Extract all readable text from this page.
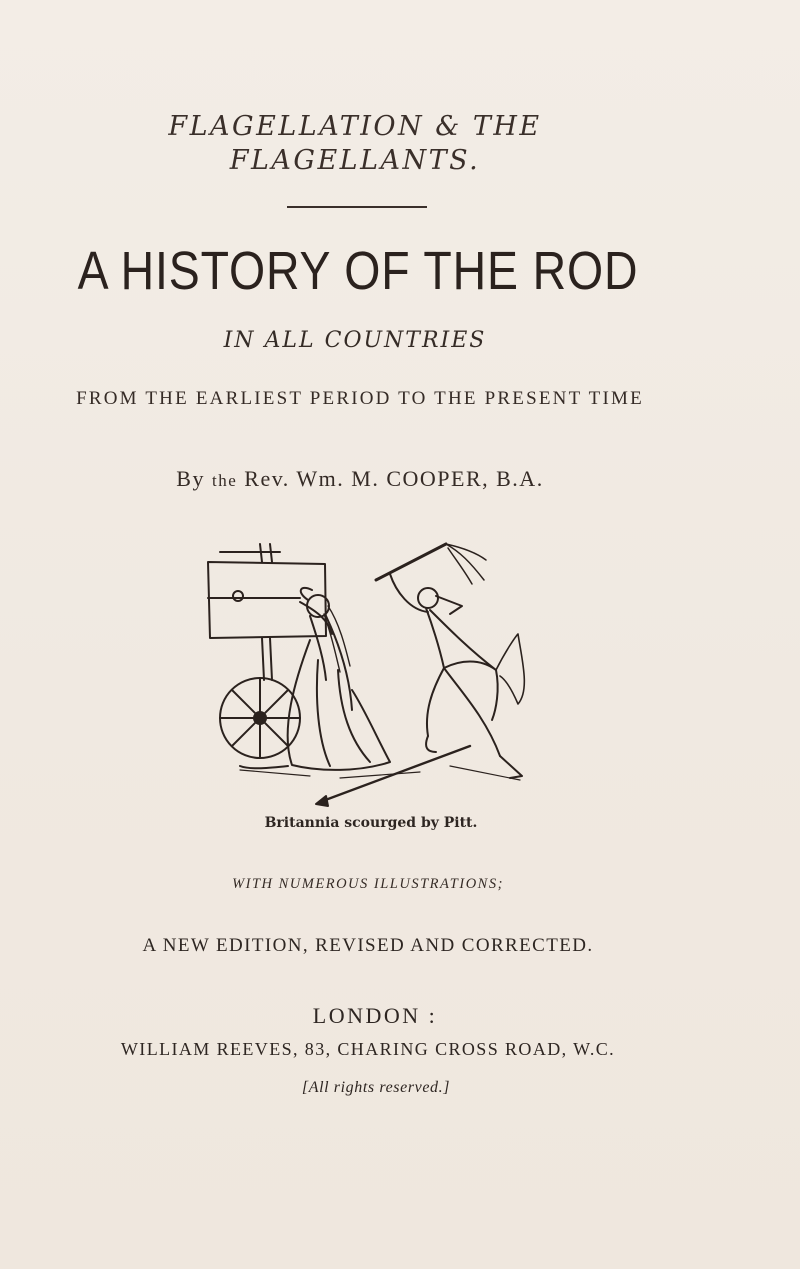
FLAGELLATION & THE
FLAGELLANTS.
A HISTORY OF THE ROD
IN ALL COUNTRIES
FROM THE EARLIEST PERIOD TO THE PRESENT TIME
By the Rev. Wm. M. COOPER, B.A.
Britannia scourged by Pitt.
WITH NUMEROUS ILLUSTRATIONS;
A NEW EDITION, REVISED AND CORRECTED.
LONDON :
WILLIAM REEVES, 83, CHARING CROSS ROAD, W.C.
[All rights reserved.]
